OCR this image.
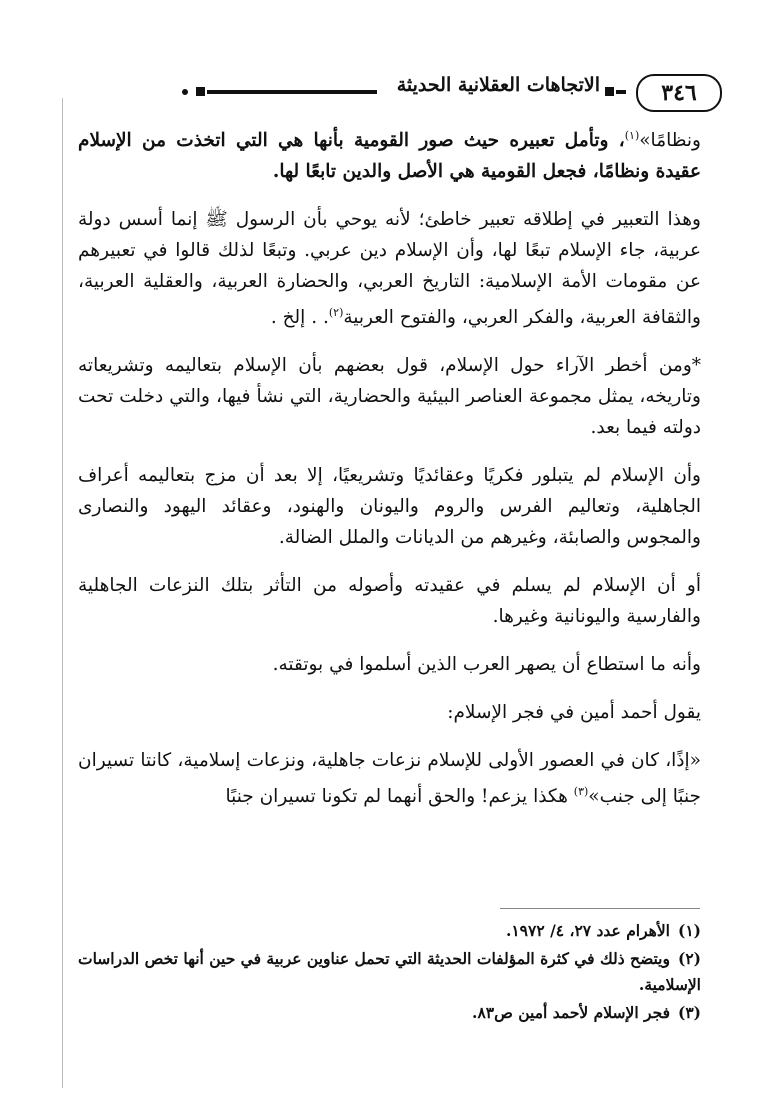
٣٤٦
الاتجاهات العقلانية الحديثة

ونظامًا»$^{(١)}$، وتأمل تعبيره حيث صور القومية بأنها هي التي اتخذت من الإسلام عقيدة ونظامًا، فجعل القومية هي الأصل والدين تابعًا لها.

وهذا التعبير في إطلاقه تعبير خاطئ؛ لأنه يوحي بأن الرسول ﷺ إنما أسس دولة عربية، جاء الإسلام تبعًا لها، وأن الإسلام دين عربي. وتبعًا لذلك قالوا في تعبيرهم عن مقومات الأمة الإسلامية: التاريخ العربي، والحضارة العربية، والعقلية العربية، والثقافة العربية، والفكر العربي، والفتوح العربية$^{(٢)}$. . إلخ .

*ومن أخطر الآراء حول الإسلام، قول بعضهم بأن الإسلام بتعاليمه وتشريعاته وتاريخه، يمثل مجموعة العناصر البيئية والحضارية، التي نشأ فيها، والتي دخلت تحت دولته فيما بعد.

وأن الإسلام لم يتبلور فكريًا وعقائديًا وتشريعيًا، إلا بعد أن مزج بتعاليمه أعراف الجاهلية، وتعاليم الفرس والروم واليونان والهنود، وعقائد اليهود والنصارى والمجوس والصابئة، وغيرهم من الديانات والملل الضالة.

أو أن الإسلام لم يسلم في عقيدته وأصوله من التأثر بتلك النزعات الجاهلية والفارسية واليونانية وغيرها.

وأنه ما استطاع أن يصهر العرب الذين أسلموا في بوتقته.

يقول أحمد أمين في فجر الإسلام:

«إذًا، كان في العصور الأولى للإسلام نزعات جاهلية، ونزعات إسلامية، كانتا تسيران جنبًا إلى جنب»$^{(٣)}$ هكذا يزعم! والحق أنهما لم تكونا تسيران جنبًا

(١)الأهرام عدد ٢٧، ٤/ ١٩٧٢.

(٢)ويتضح ذلك في كثرة المؤلفات الحديثة التي تحمل عناوين عربية في حين أنها تخص الدراسات الإسلامية.

(٣)فجر الإسلام لأحمد أمين ص٨٣.
